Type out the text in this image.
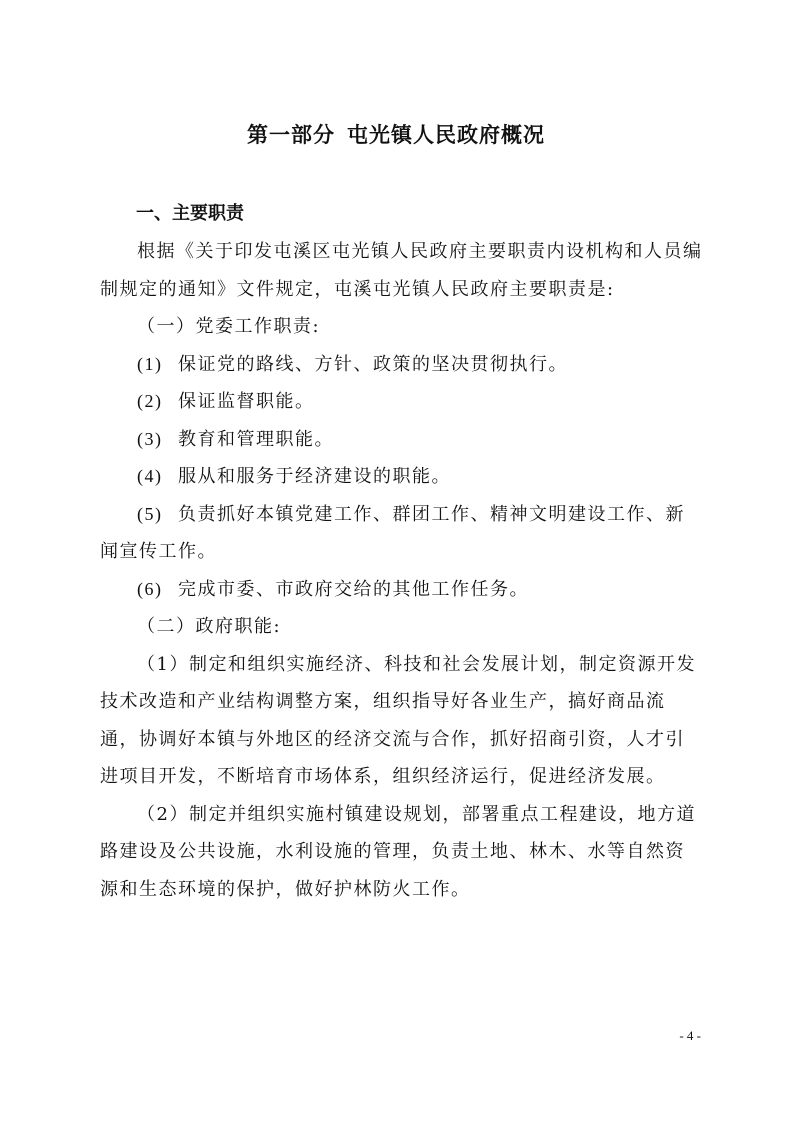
第一部分 屯光镇人民政府概况
一、主要职责

根据《关于印发屯溪区屯光镇人民政府主要职责内设机构和人员编制规定的通知》文件规定，屯溪屯光镇人民政府主要职责是:

（一）党委工作职责:

(1) 保证党的路线、方针、政策的坚决贯彻执行。

(2) 保证监督职能。

(3) 教育和管理职能。

(4) 服从和服务于经济建设的职能。

(5) 负责抓好本镇党建工作、群团工作、精神文明建设工作、新闻宣传工作。

(6) 完成市委、市政府交给的其他工作任务。

（二）政府职能:

（1）制定和组织实施经济、科技和社会发展计划，制定资源开发技术改造和产业结构调整方案，组织指导好各业生产，搞好商品流通，协调好本镇与外地区的经济交流与合作，抓好招商引资，人才引进项目开发，不断培育市场体系，组织经济运行，促进经济发展。

（2）制定并组织实施村镇建设规划，部署重点工程建设，地方道路建设及公共设施，水利设施的管理，负责土地、林木、水等自然资源和生态环境的保护，做好护林防火工作。

- 4 -
